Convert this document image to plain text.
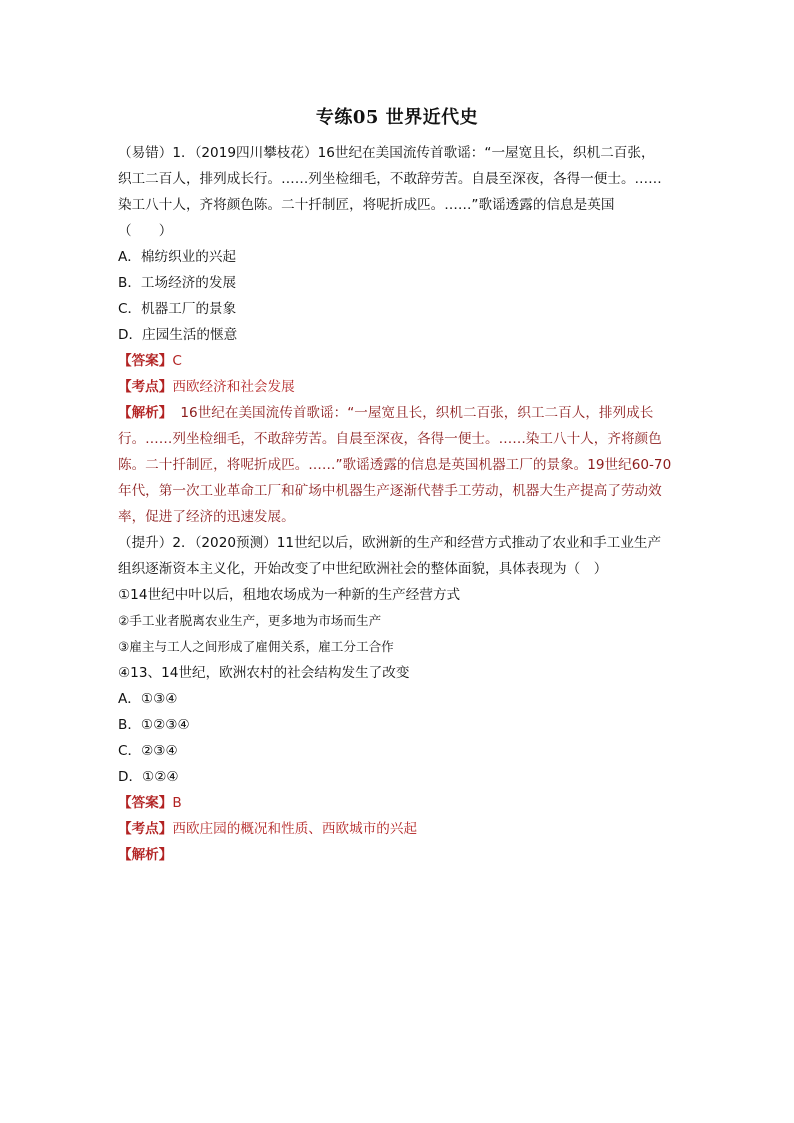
专练05 世界近代史
（易错）1．（2019四川攀枝花）16世纪在美国流传首歌谣：“一屋宽且长，织机二百张，
织工二百人，排列成长行。……列坐检细毛，不敢辞劳苦。自晨至深夜，各得一便士。……
染工八十人，齐将颜色陈。二十扦制匠，将呢折成匹。……”歌谣透露的信息是英国
（　　）
A．棉纺织业的兴起
B．工场经济的发展
C．机器工厂的景象
D．庄园生活的惬意
【答案】C
【考点】西欧经济和社会发展
【解析】 16世纪在美国流传首歌谣：“一屋宽且长，织机二百张，织工二百人，排列成长
行。……列坐检细毛，不敢辞劳苦。自晨至深夜，各得一便士。……染工八十人，齐将颜色
陈。二十扦制匠，将呢折成匹。……”歌谣透露的信息是英国机器工厂的景象。19世纪60-70
年代，第一次工业革命工厂和矿场中机器生产逐渐代替手工劳动，机器大生产提高了劳动效
率，促进了经济的迅速发展。
（提升）2．（2020预测）11世纪以后，欧洲新的生产和经营方式推动了农业和手工业生产
组织逐渐资本主义化，开始改变了中世纪欧洲社会的整体面貌，具体表现为（　）
①14世纪中叶以后，租地农场成为一种新的生产经营方式
②手工业者脱离农业生产，更多地为市场而生产
③雇主与工人之间形成了雇佣关系，雇工分工合作
④13、14世纪，欧洲农村的社会结构发生了改变
A．①③④
B．①②③④
C．②③④
D．①②④
【答案】B
【考点】西欧庄园的概况和性质、西欧城市的兴起
【解析】
